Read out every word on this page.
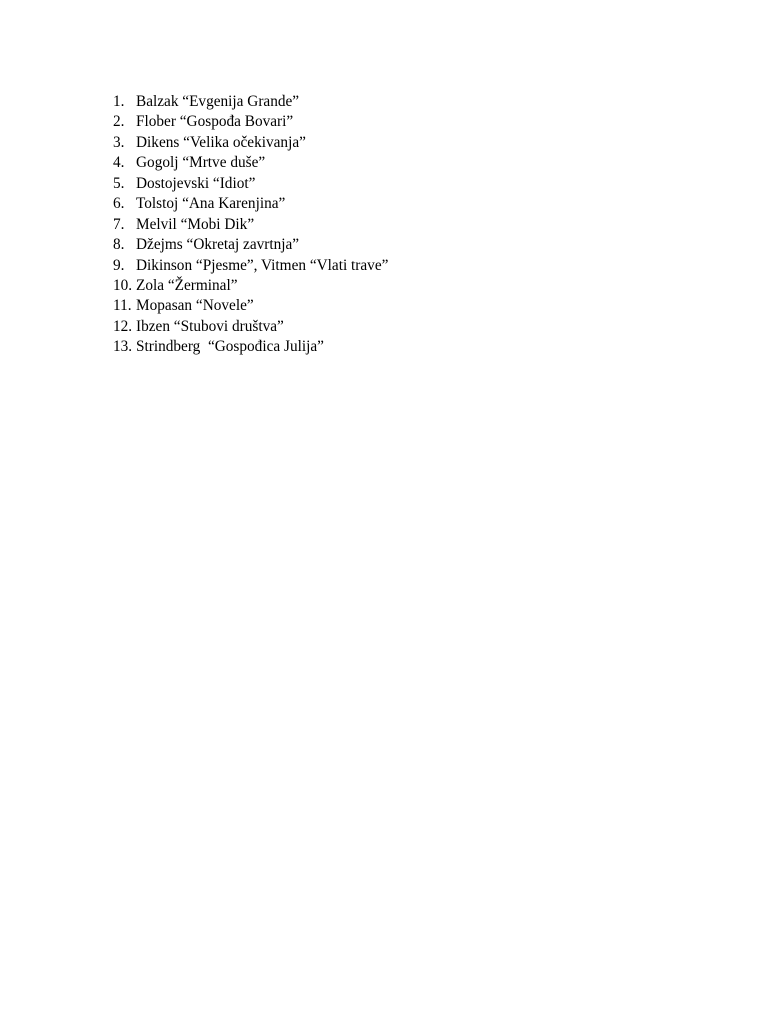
1. Balzak “Evgenija Grande”
2. Flober “Gospođa Bovari”
3. Dikens “Velika očekivanja”
4. Gogolj “Mrtve duše”
5. Dostojevski “Idiot”
6. Tolstoj “Ana Karenjina”
7. Melvil “Mobi Dik”
8. Džejms “Okretaj zavrtnja”
9. Dikinson “Pjesme”, Vitmen “Vlati trave”
10. Zola “Žerminal”
11. Mopasan “Novele”
12. Ibzen “Stubovi društva”
13. Strindberg  “Gospođica Julija”
